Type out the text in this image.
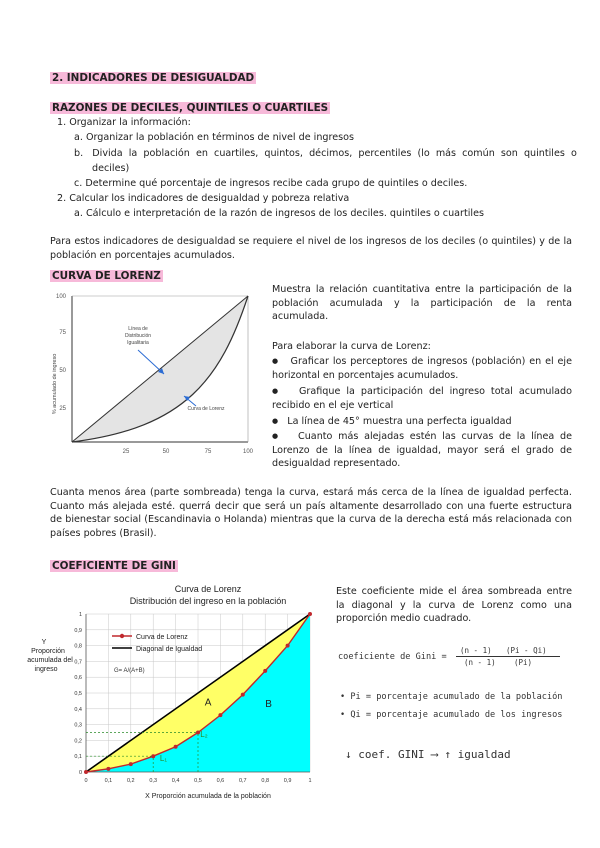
2. INDICADORES DE DESIGUALDAD
RAZONES DE DECILES, QUINTILES O CUARTILES
1. Organizar la información:
a. Organizar la población en términos de nivel de ingresos
b.   Divida  la  población  en  cuartiles,  quintos,  décimos,  percentiles  (lo  más  común  son  quintiles  o
deciles)
c. Determine qué porcentaje de ingresos recibe cada grupo de quintiles o deciles.
2. Calcular los indicadores de desigualdad y pobreza relativa
a. Cálculo e interpretación de la razón de ingresos de los deciles. quintiles o cuartiles
Para estos indicadores de desigualdad se requiere el nivel de los ingresos de los deciles (o quintiles) y de la población en porcentajes acumulados.
CURVA DE LORENZ
100
75
50
25
25	50	75	100
% acumulado de ingreso
Línea de
Distribución
Igualitaria
Curva de Lorenz
Muestra la relación cuantitativa entre la participación de la población acumulada y la participación de la renta acumulada.
Para elaborar la curva de Lorenz:
● Graficar los perceptores de ingresos (población) en el eje horizontal en porcentajes acumulados.
● Grafique la participación del ingreso total acumulado recibido en el eje vertical
● La línea de 45° muestra una perfecta igualdad
● Cuanto más alejadas estén las curvas de la línea de Lorenzo de la línea de igualdad, mayor será el grado de desigualdad representado.
Cuanta menos área (parte sombreada) tenga la curva, estará más cerca de la línea de igualdad perfecta. Cuanto más alejada esté. querrá decir que será un país altamente desarrollado con una fuerte estructura de bienestar social (Escandinavia o Holanda) mientras que la curva de la derecha está más relacionada con países pobres (Brasil).
COEFICIENTE DE GINI
Curva de Lorenz
Distribución del ingreso en la población
0
0
0,1
0,1
0,2
0,2
0,3
0,3
0,4
0,4
0,5
0,5
0,6
0,6
0,7
0,7
0,8
0,8
0,9
0,9
1
1
Curva de Lorenz
Diagonal de Igualdad
G= A/(A+B)
A	B
L₁
L₂
Y
Proporción
acumulada del
ingreso
X Proporción acumulada de la población
Este coeficiente mide el área sombreada entre la diagonal y la curva de Lorenz como una proporción medio cuadrado.
coeficiente de Gini =
(n - 1) (Pi - Qi)
(n - 1) (Pi)
• Pi = porcentaje acumulado de la población
• Qi = porcentaje acumulado de los ingresos
↓ coef. GINI ⟶ ↑ igualdad
